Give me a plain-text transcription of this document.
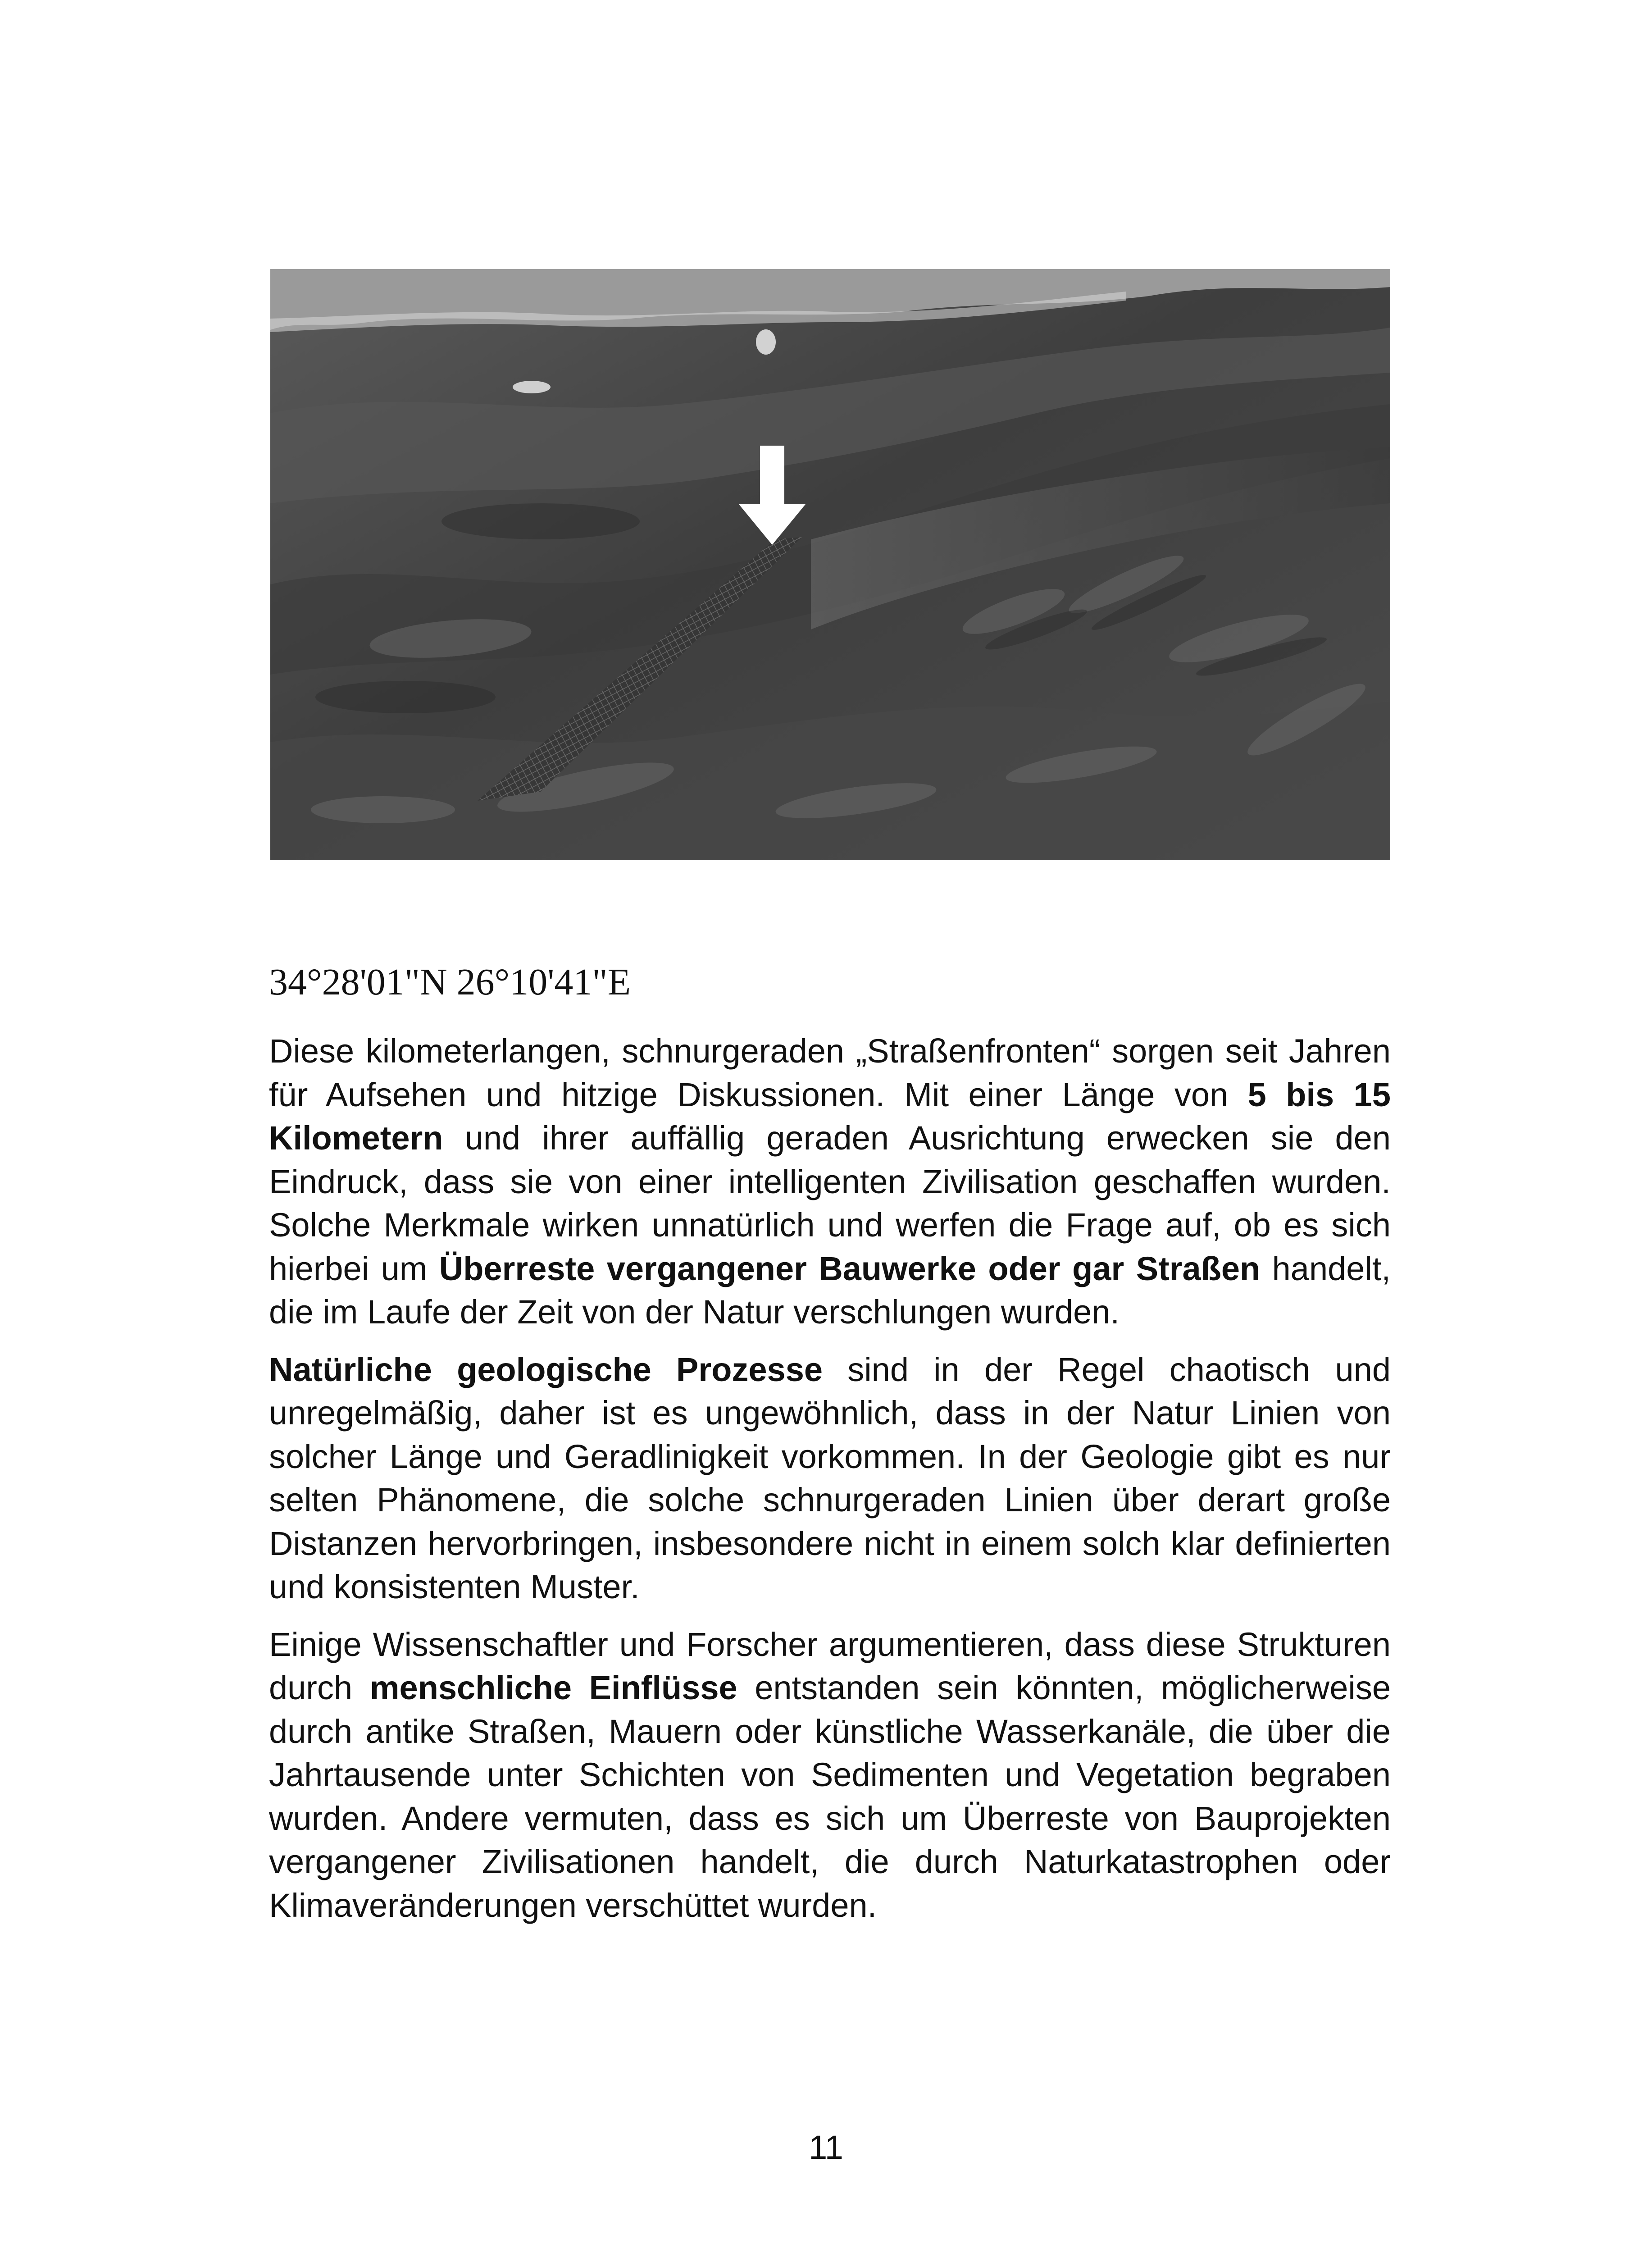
34°28'01"N 26°10'41"E

Diese kilometerlangen, schnurgeraden „Straßenfronten“ sorgen seit Jahren für Aufsehen und hitzige Diskussionen. Mit einer Länge von 5 bis 15 Kilometern und ihrer auffällig geraden Ausrichtung erwecken sie den Eindruck, dass sie von einer intelligenten Zivilisation geschaffen wurden. Solche Merkmale wirken unnatürlich und werfen die Frage auf, ob es sich hierbei um Überreste vergangener Bauwerke oder gar Straßen handelt, die im Laufe der Zeit von der Natur verschlungen wurden.

Natürliche geologische Prozesse sind in der Regel chaotisch und unregelmäßig, daher ist es ungewöhnlich, dass in der Natur Linien von solcher Länge und Geradlinigkeit vorkommen. In der Geologie gibt es nur selten Phänomene, die solche schnurgeraden Linien über derart große Distanzen hervorbringen, insbesondere nicht in einem solch klar definierten und konsistenten Muster.

Einige Wissenschaftler und Forscher argumentieren, dass diese Strukturen durch menschliche Einflüsse entstanden sein könnten, möglicherweise durch antike Straßen, Mauern oder künstliche Wasserkanäle, die über die Jahrtausende unter Schichten von Sedimenten und Vegetation begraben wurden. Andere vermuten, dass es sich um Überreste von Bauprojekten vergangener Zivilisationen handelt, die durch Naturkatastrophen oder Klimaveränderungen verschüttet wurden.

11
